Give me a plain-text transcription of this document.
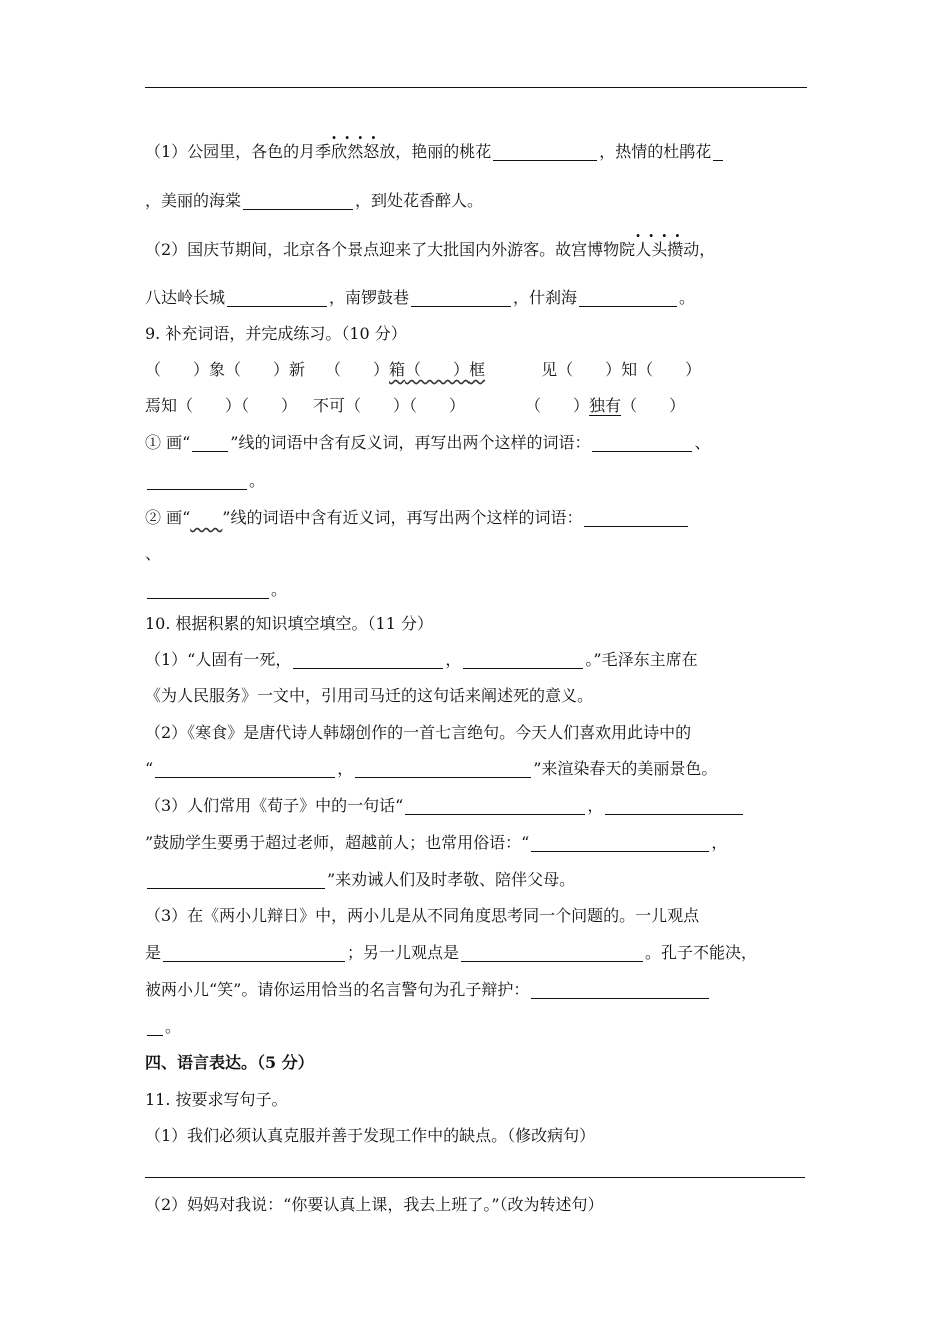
（1）公园里，各色的月季· · · · 欣然怒放，艳丽的桃花	，热情的杜鹃花
，美丽的海棠	，到处花香醉人。
（2）国庆节期间，北京各个景点迎来了大批国内外游客。故宫博物院· · · · 人头攒动，
八达岭长城	，南锣鼓巷	，什刹海	。
9. 补充词语，并完成练习。（10 分）
（　　）象（　　）新 （　　）箱（　　）框	见（　　）知（　　）
焉知（　　）（　　） 不可（　　）（　　）	（　　）独有（　　）
① 画“	”线的词语中含有反义词，再写出两个这样的词语：	、
。
② 画“　　 ”线的词语中含有近义词，再写出两个这样的词语：
、
。
10. 根据积累的知识填空填空。（11 分）
（1）“人固有一死，	，	。”毛泽东主席在
《为人民服务》一文中，引用司马迁的这句话来阐述死的意义。
（2）《寒食》是唐代诗人韩翃创作的一首七言绝句。今天人们喜欢用此诗中的
“	，	”来渲染春天的美丽景色。
（3）人们常用《荀子》中的一句话“	，
”鼓励学生要勇于超过老师，超越前人；也常用俗语：“	，
”来劝诫人们及时孝敬、陪伴父母。
（3）在《两小儿辩日》中，两小儿是从不同角度思考同一个问题的。一儿观点
是	；另一儿观点是	。孔子不能决，
被两小儿“笑”。请你运用恰当的名言警句为孔子辩护：
。
四、语言表达。（5 分）
11. 按要求写句子。
（1）我们必须认真克服并善于发现工作中的缺点。（修改病句）
（2）妈妈对我说：“你要认真上课，我去上班了。”（改为转述句）
